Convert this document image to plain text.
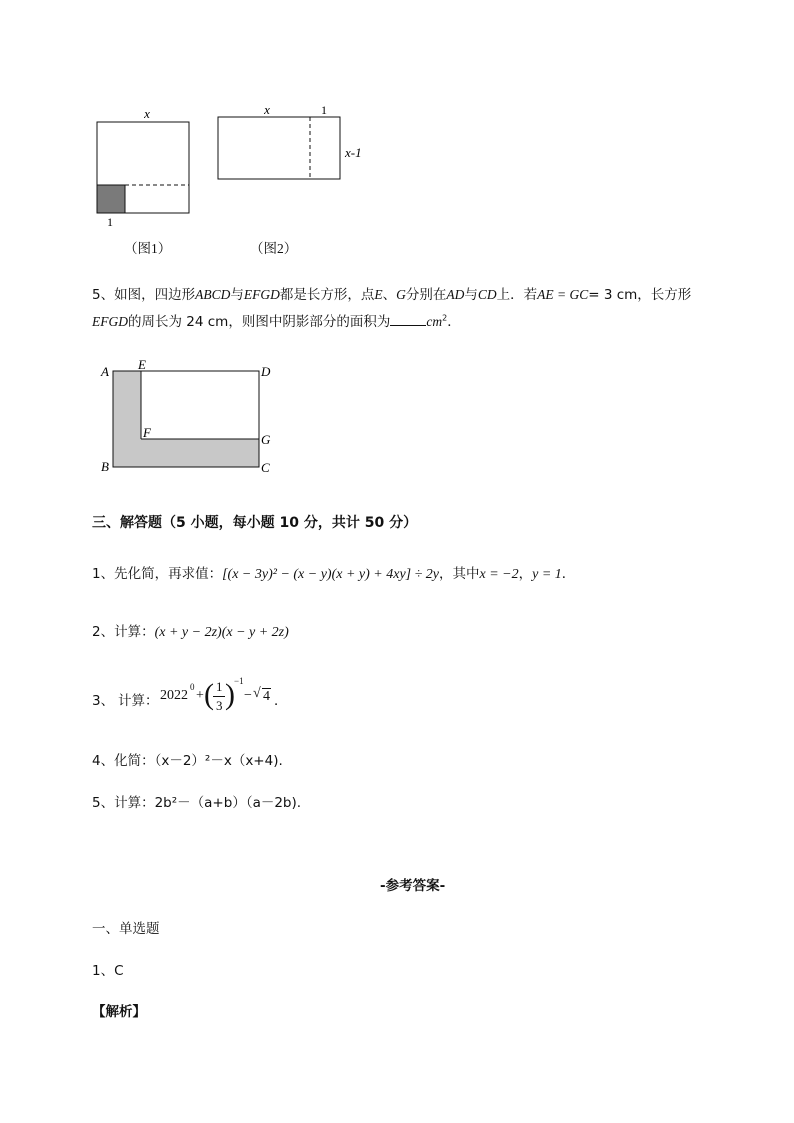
x
1
（图1）
x	1
x-1
（图2）
5、如图，四边形ABCD与EFGD都是长方形，点E、G分别在AD与CD上．若AE = GC= 3 cm，长方形
EFGD的周长为 24 cm，则图中阴影部分的面积为	$cm^2$．
A E	D
F	G
B	C
三、解答题（5 小题，每小题 10 分，共计 50 分）
1、先化简，再求值：[(x − 3y)² − (x − y)(x + y) + 4xy] ÷ 2y，其中x = −2，y = 1．
2、计算：(x + y − 2z)(x − y + 2z)
3、 计算： 2022
0
+ ( 1
3 ) −1
− √ 4 ．
4、化简：（x－2）²－x（x+4).
5、计算：2b²－（a+b）（a－2b).
-参考答案-
一、单选题
1、C
【解析】
